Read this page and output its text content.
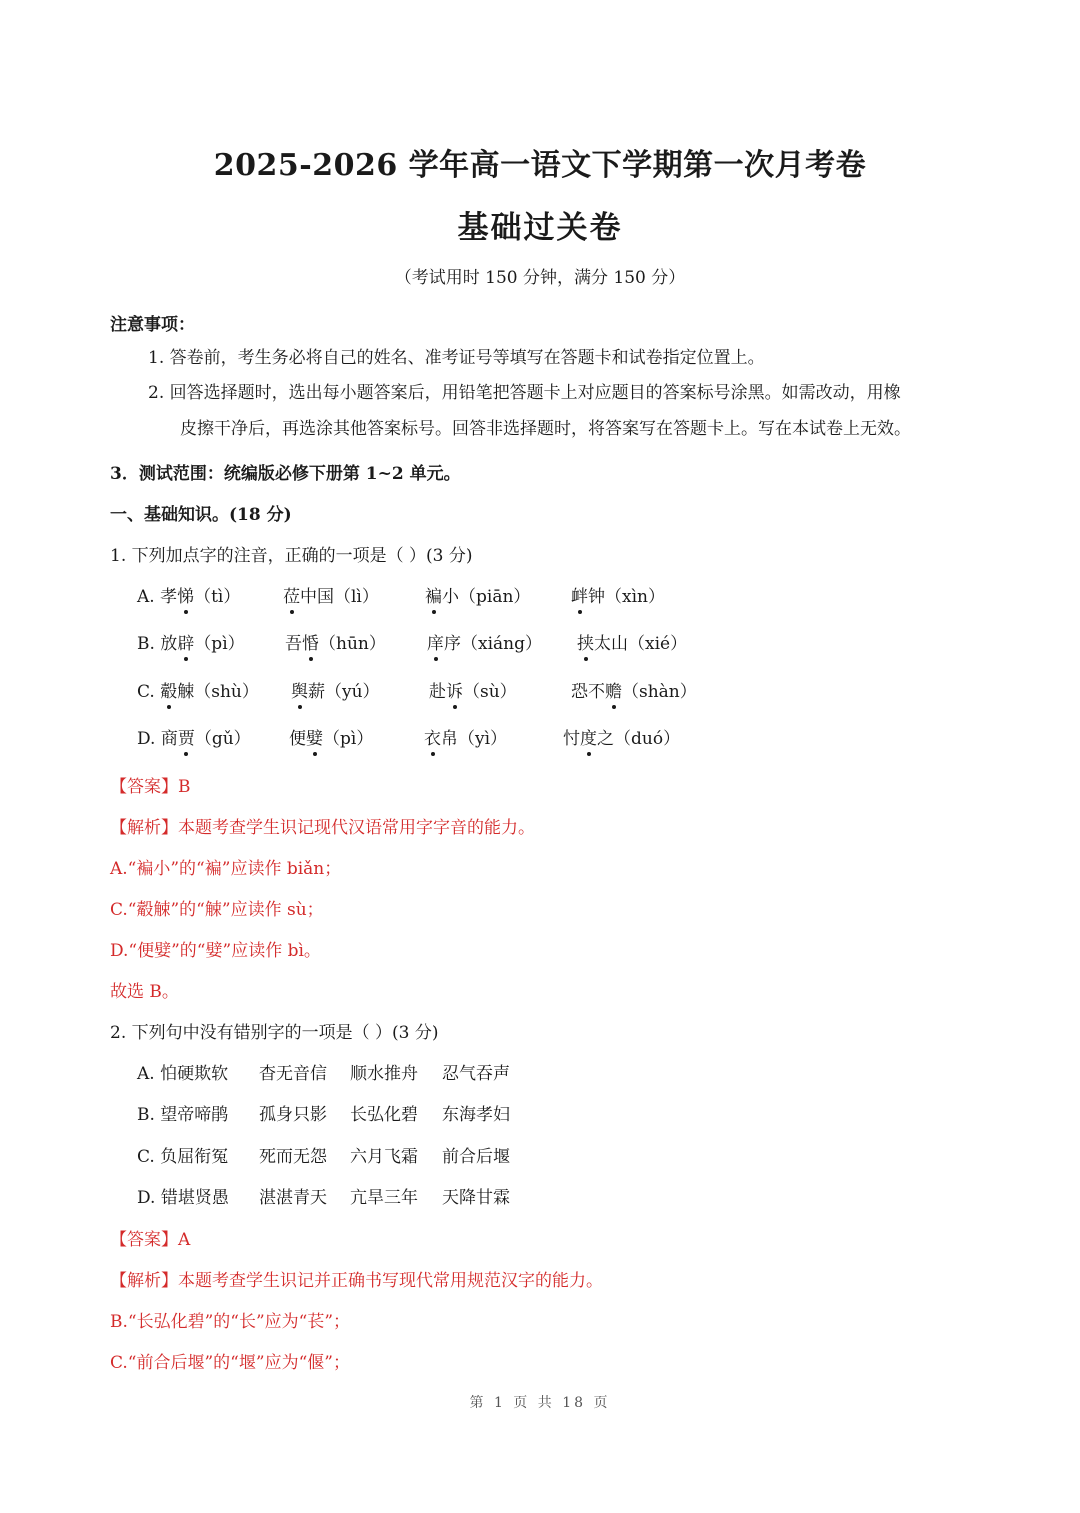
2025-2026 学年高一语文下学期第一次月考卷
基础过关卷
（考试用时 150 分钟，满分 150 分）
注意事项：
1. 答卷前，考生务必将自己的姓名、准考证号等填写在答题卡和试卷指定位置上。
2. 回答选择题时，选出每小题答案后，用铅笔把答题卡上对应题目的答案标号涂黑。如需改动，用橡
皮擦干净后，再选涂其他答案标号。回答非选择题时，将答案写在答题卡上。写在本试卷上无效。
3．测试范围：统编版必修下册第 1~2 单元。
一、基础知识。(18 分)
1. 下列加点字的注音，正确的一项是（ ）(3 分)
A. 孝悌（tì）	莅中国（lì）	褊小（piān） 衅钟（xìn）
B. 放辟（pì） 吾惛（hūn） 庠序（xiáng） 挟太山（xié）
C. 觳觫（shù） 舆薪（yú）	赴诉（sù）	恐不赡（shàn）
D. 商贾（gǔ） 便嬖（pì）	衣帛（yì）	忖度之（duó）
【答案】B
【解析】本题考查学生识记现代汉语常用字字音的能力。
A.“褊小”的“褊”应读作 biǎn；
C.“觳觫”的“觫”应读作 sù；
D.“便嬖”的“嬖”应读作 bì。
故选 B。
2. 下列句中没有错别字的一项是（ ）(3 分)
A. 怕硬欺软 杳无音信 顺水推舟 忍气吞声
B. 望帝啼鹃 孤身只影 长弘化碧 东海孝妇
C. 负屈衔冤 死而无怨 六月飞霜 前合后堰
D. 错堪贤愚 湛湛青天 亢旱三年 天降甘霖
【答案】A
【解析】本题考查学生识记并正确书写现代常用规范汉字的能力。
B.“长弘化碧”的“长”应为“苌”；
C.“前合后堰”的“堰”应为“偃”；
第 1 页 共 18 页
